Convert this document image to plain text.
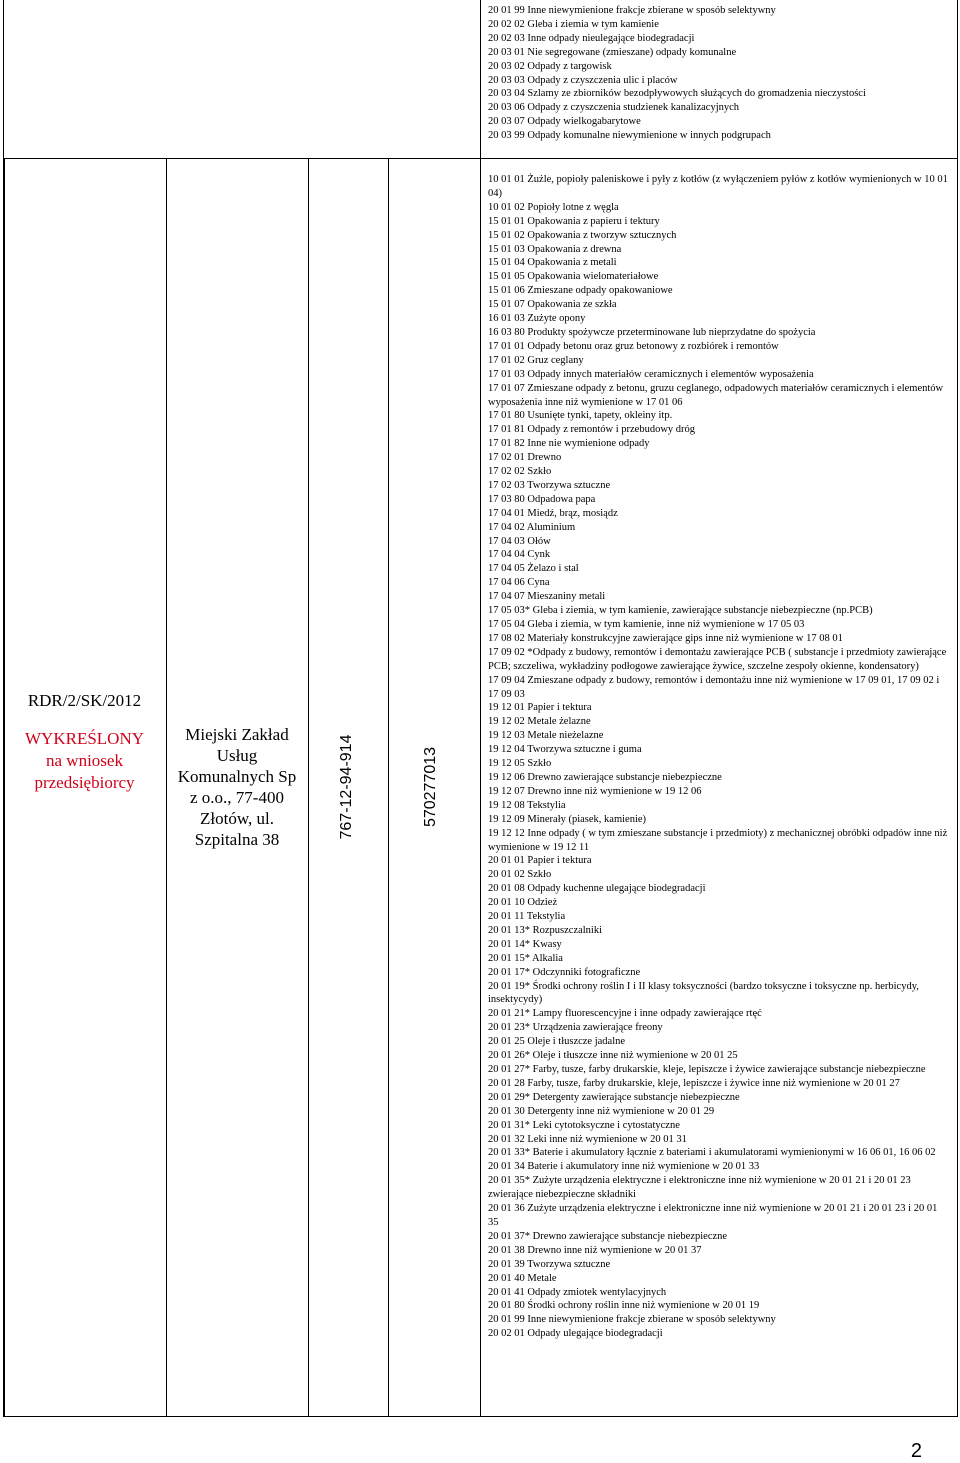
20 01 99 Inne niewymienione frakcje zbierane w sposób selektywny
20 02 02 Gleba i ziemia w tym kamienie
20 02 03 Inne odpady nieulegające biodegradacji
20 03 01 Nie segregowane (zmieszane) odpady komunalne
20 03 02 Odpady z targowisk
20 03 03 Odpady z czyszczenia ulic i placów
20 03 04 Szlamy ze zbiorników bezodpływowych służących do gromadzenia nieczystości
20 03 06 Odpady z czyszczenia studzienek kanalizacyjnych
20 03 07 Odpady wielkogabarytowe
20 03 99 Odpady komunalne niewymienione w innych podgrupach
RDR/2/SK/2012
WYKREŚLONY
na wniosek
przedsiębiorcy
Miejski Zakład
Usług
Komunalnych Sp
z o.o., 77-400
Złotów, ul.
Szpitalna 38
767-12-94-914	570277013
10 01 01 Żużle, popioły paleniskowe i pyły z kotłów (z wyłączeniem pyłów z kotłów wymienionych w 10 01 04)
10 01 02 Popioły lotne z węgla
15 01 01 Opakowania z papieru i tektury
15 01 02 Opakowania z tworzyw sztucznych
15 01 03 Opakowania z drewna
15 01 04 Opakowania z metali
15 01 05 Opakowania wielomateriałowe
15 01 06 Zmieszane odpady opakowaniowe
15 01 07 Opakowania ze szkła
16 01 03 Zużyte opony
16 03 80 Produkty spożywcze przeterminowane lub nieprzydatne do spożycia
17 01 01 Odpady betonu oraz gruz betonowy z rozbiórek i remontów
17 01 02 Gruz ceglany
17 01 03 Odpady innych materiałów ceramicznych i elementów wyposażenia
17 01 07 Zmieszane odpady z betonu, gruzu ceglanego, odpadowych materiałów ceramicznych i elementów wyposażenia inne niż wymienione w 17 01 06
17 01 80 Usunięte tynki, tapety, okleiny itp.
17 01 81 Odpady z remontów i przebudowy dróg
17 01 82 Inne nie wymienione odpady
17 02 01 Drewno
17 02 02 Szkło
17 02 03 Tworzywa sztuczne
17 03 80 Odpadowa papa
17 04 01 Miedź, brąz, mosiądz
17 04 02 Aluminium
17 04 03 Ołów
17 04 04 Cynk
17 04 05 Żelazo i stal
17 04 06 Cyna
17 04 07 Mieszaniny metali
17 05 03* Gleba i ziemia, w tym kamienie, zawierające substancje niebezpieczne (np.PCB)
17 05 04 Gleba i ziemia, w tym kamienie, inne niż wymienione w 17 05 03
17 08 02 Materiały konstrukcyjne zawierające gips inne niż wymienione w 17 08 01
17 09 02 *Odpady z budowy, remontów i demontażu zawierające PCB ( substancje i przedmioty zawierające PCB; szczeliwa, wykładziny podłogowe zawierające żywice, szczelne zespoły okienne, kondensatory)
17 09 04 Zmieszane odpady z budowy, remontów i demontażu inne niż wymienione w 17 09 01, 17 09 02 i 17 09 03
19 12 01 Papier i tektura
19 12 02 Metale żelazne
19 12 03 Metale nieżelazne
19 12 04 Tworzywa sztuczne i guma
19 12 05 Szkło
19 12 06 Drewno zawierające substancje niebezpieczne
19 12 07 Drewno inne niż wymienione w 19 12 06
19 12 08 Tekstylia
19 12 09 Minerały (piasek, kamienie)
19 12 12 Inne odpady ( w tym zmieszane substancje i przedmioty) z mechanicznej obróbki odpadów inne niż wymienione w 19 12 11
20 01 01 Papier i tektura
20 01 02 Szkło
20 01 08 Odpady kuchenne ulegające biodegradacji
20 01 10 Odzież
20 01 11 Tekstylia
20 01 13* Rozpuszczalniki
20 01 14* Kwasy
20 01 15* Alkalia
20 01 17* Odczynniki fotograficzne
20 01 19* Środki ochrony roślin I i II klasy toksyczności (bardzo toksyczne i toksyczne np. herbicydy, insektycydy)
20 01 21* Lampy fluorescencyjne i inne odpady zawierające rtęć
20 01 23* Urządzenia zawierające freony
20 01 25 Oleje i tłuszcze jadalne
20 01 26* Oleje i tłuszcze inne niż wymienione w 20 01 25
20 01 27* Farby, tusze, farby drukarskie, kleje, lepiszcze i żywice zawierające substancje niebezpieczne
20 01 28 Farby, tusze, farby drukarskie, kleje, lepiszcze i żywice inne niż wymienione w 20 01 27
20 01 29* Detergenty zawierające substancje niebezpieczne
20 01 30 Detergenty inne niż wymienione w 20 01 29
20 01 31* Leki cytotoksyczne i cytostatyczne
20 01 32 Leki inne niż wymienione w 20 01 31
20 01 33* Baterie i akumulatory łącznie z bateriami i akumulatorami wymienionymi w 16 06 01, 16 06 02
20 01 34 Baterie i akumulatory inne niż wymienione w 20 01 33
20 01 35* Zużyte urządzenia elektryczne i elektroniczne inne niż wymienione w 20 01 21 i 20 01 23 zwierające niebezpieczne składniki
20 01 36 Zużyte urządzenia elektryczne i elektroniczne inne niż wymienione w 20 01 21 i 20 01 23 i 20 01 35
20 01 37* Drewno zawierające substancje niebezpieczne
20 01 38 Drewno inne niż wymienione w 20 01 37
20 01 39 Tworzywa sztuczne
20 01 40 Metale
20 01 41 Odpady zmiotek wentylacyjnych
20 01 80 Środki ochrony roślin inne niż wymienione w 20 01 19
20 01 99 Inne niewymienione frakcje zbierane w sposób selektywny
20 02 01 Odpady ulegające biodegradacji
2
